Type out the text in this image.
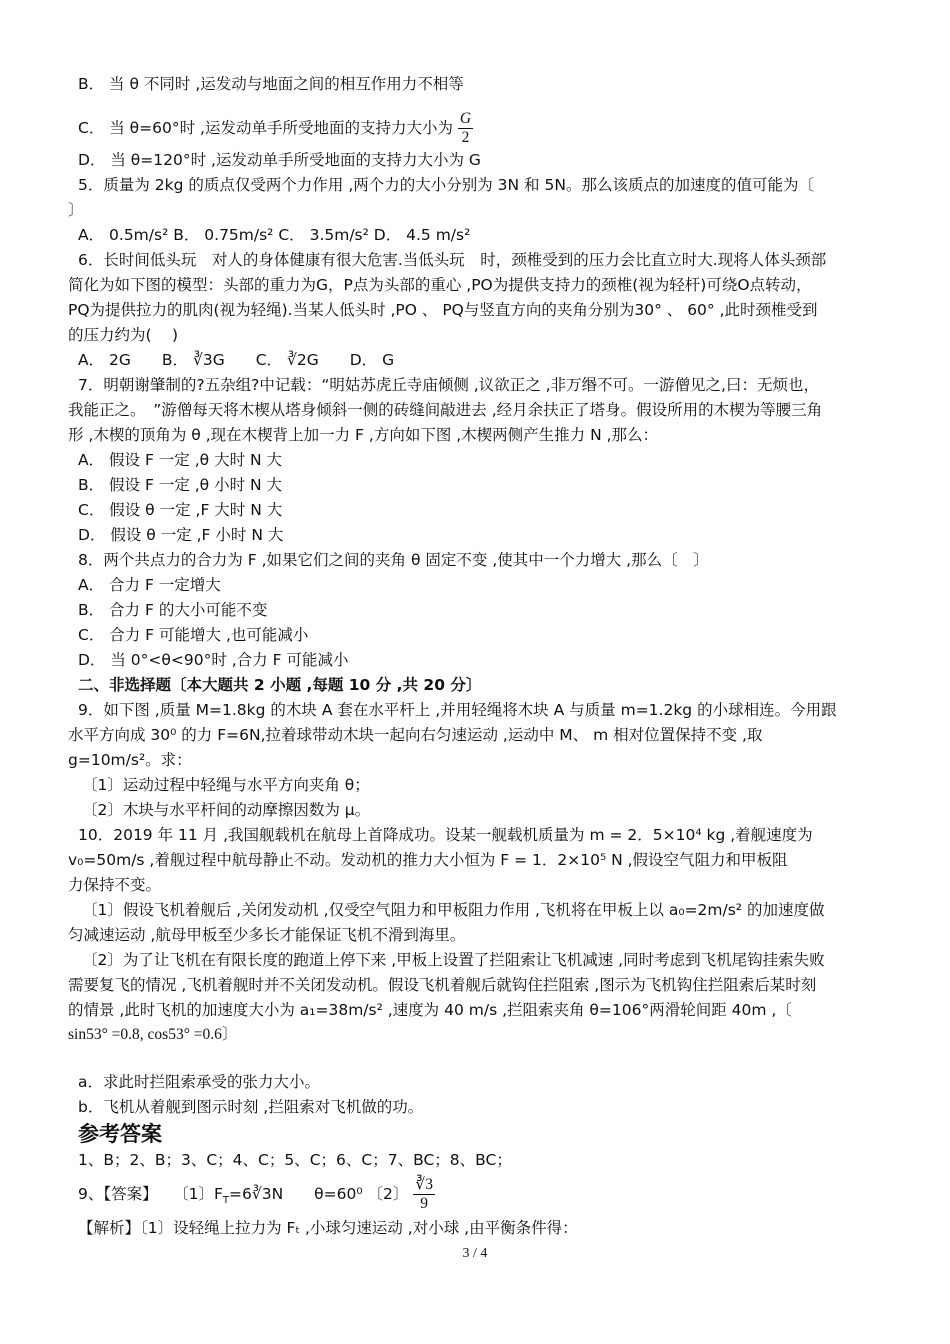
B． 当 θ 不同时 ,运发动与地面之间的相互作用力不相等
C． 当 θ=60°时 ,运发动单手所受地面的支持力大小为 $\frac{G}{2}$
D． 当 θ=120°时 ,运发动单手所受地面的支持力大小为 G
5．质量为 2kg 的质点仅受两个力作用 ,两个力的大小分别为 3N 和 5N。那么该质点的加速度的值可能为〔
〕
A． 0.5m/s² B． 0.75m/s² C． 3.5m/s² D． 4.5 m/s²
6．长时间低头玩　对人的身体健康有很大危害.当低头玩　时，颈椎受到的压力会比直立时大.现将人体头颈部
简化为如下图的模型：头部的重力为G，P点为头部的重心 ,PO为提供支持力的颈椎(视为轻杆)可绕O点转动，
PQ为提供拉力的肌肉(视为轻绳).当某人低头时 ,PO 、 PQ与竖直方向的夹角分别为30° 、 60° ,此时颈椎受到
的压力约为(　 )
A． 2G　　B． ∛3G　　C． ∛2G　　D． G
7．明朝谢肇制的?五杂组?中记载：“明姑苏虎丘寺庙倾侧 ,议欲正之 ,非万缗不可。一游僧见之,曰：无烦也，
我能正之。　”游僧每天将木楔从塔身倾斜一侧的砖缝间敲进去 ,经月余扶正了塔身。假设所用的木楔为等腰三角
形 ,木楔的顶角为 θ ,现在木楔背上加一力 F ,方向如下图 ,木楔两侧产生推力 N ,那么：
A． 假设 F 一定 ,θ 大时 N 大
B． 假设 F 一定 ,θ 小时 N 大
C． 假设 θ 一定 ,F 大时 N 大
D． 假设 θ 一定 ,F 小时 N 大
8．两个共点力的合力为 F ,如果它们之间的夹角 θ 固定不变 ,使其中一个力增大 ,那么〔　〕
A． 合力 F 一定增大
B． 合力 F 的大小可能不变
C． 合力 F 可能增大 ,也可能减小
D． 当 0°<θ<90°时 ,合力 F 可能减小
二、非选择题〔本大题共 2 小题 ,每题 10 分 ,共 20 分〕
9．如下图 ,质量 M=1.8kg 的木块 A 套在水平杆上 ,并用轻绳将木块 A 与质量 m=1.2kg 的小球相连。今用跟
水平方向成 30⁰ 的力 F=6N,拉着球带动木块一起向右匀速运动 ,运动中 M、 m 相对位置保持不变 ,取
g=10m/s²。求：
〔1〕运动过程中轻绳与水平方向夹角 θ；
〔2〕木块与水平杆间的动摩擦因数为 μ。
10．2019 年 11 月 ,我国舰载机在航母上首降成功。设某一舰载机质量为 m = 2．5×10⁴ kg ,着舰速度为
v₀=50m/s ,着舰过程中航母静止不动。发动机的推力大小恒为 F = 1．2×10⁵ N ,假设空气阻力和甲板阻
力保持不变。
〔1〕假设飞机着舰后 ,关闭发动机 ,仅受空气阻力和甲板阻力作用 ,飞机将在甲板上以 a₀=2m/s² 的加速度做
匀减速运动 ,航母甲板至少多长才能保证飞机不滑到海里。
〔2〕为了让飞机在有限长度的跑道上停下来 ,甲板上设置了拦阻索让飞机减速 ,同时考虑到飞机尾钩挂索失败
需要复飞的情况 ,飞机着舰时并不关闭发动机。假设飞机着舰后就钩住拦阻索 ,图示为飞机钩住拦阻索后某时刻
的情景 ,此时飞机的加速度大小为 a₁=38m/s² ,速度为 40 m/s ,拦阻索夹角 θ=106°两滑轮间距 40m ,〔
sin53° =0.8, cos53° =0.6〕
a．求此时拦阻索承受的张力大小。
b．飞机从着舰到图示时刻 ,拦阻索对飞机做的功。
参考答案
1、B；2、B；3、C；4、C；5、C；6、C；7、BC；8、BC；
9、【答案】　　〔1〕$F_T=6∛3N$　　θ=60⁰ 〔2〕 $\frac{∛3}{9}$
【解析】〔1〕设轻绳上拉力为 Fₜ ,小球匀速运动 ,对小球 ,由平衡条件得：
3 / 4
